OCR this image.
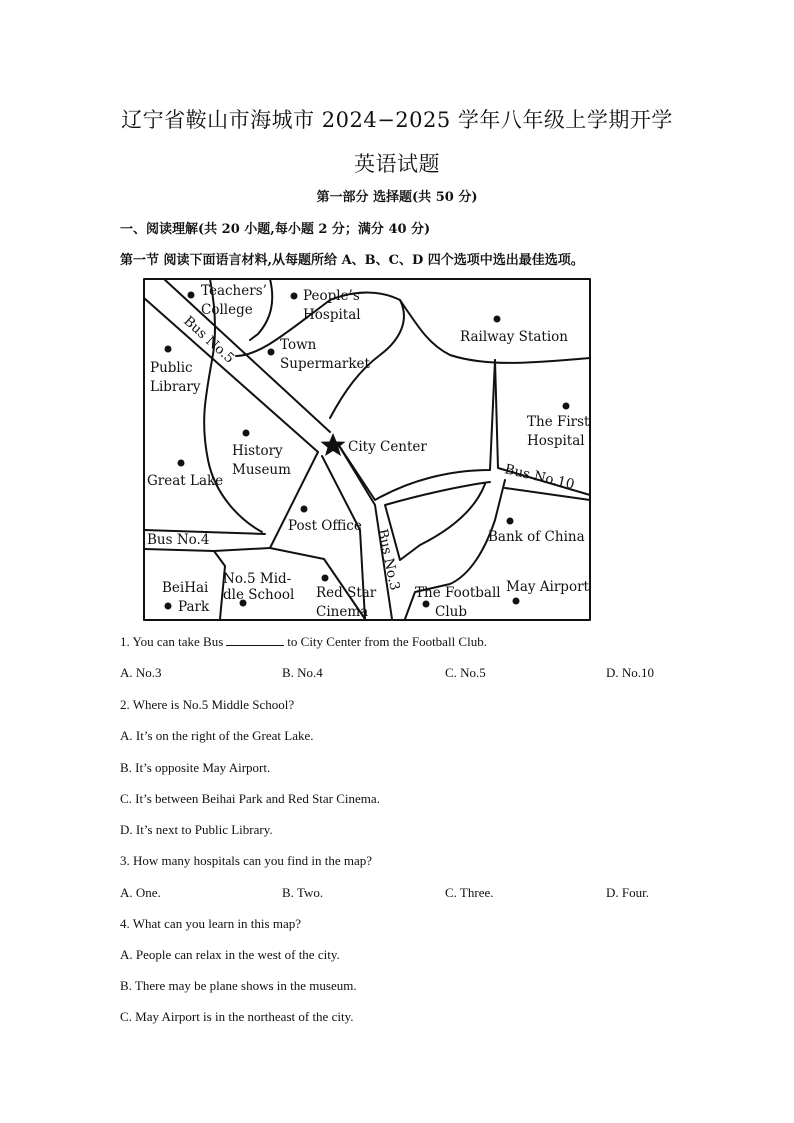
辽宁省鞍山市海城市 2024−2025 学年八年级上学期开学
英语试题
第一部分 选择题(共 50 分)
一、阅读理解(共 20 小题,每小题 2 分；满分 40 分)
第一节 阅读下面语言材料,从每题所给 A、B、C、D 四个选项中选出最佳选项。
Teachers’
College
People’s
Hospital
Railway Station
Bus No.5
Public
Library
Town
Supermarket
City Center
The First
Hospital
History
Museum
Great Lake	Bus No.10
Post Office
Bank of China
Bus No.4	Bus No.3
BeiHai
Park
No.5 Mid-
dle School Red Star
Cinema
The Football
Club
May Airport
1. You can take Bus	to City Center from the Football Club.
A. No.3	B. No.4	C. No.5	D. No.10
2. Where is No.5 Middle School?
A. It’s on the right of the Great Lake.
B. It’s opposite May Airport.
C. It’s between Beihai Park and Red Star Cinema.
D. It’s next to Public Library.
3. How many hospitals can you find in the map?
A. One.	B. Two.	C. Three.	D. Four.
4. What can you learn in this map?
A. People can relax in the west of the city.
B. There may be plane shows in the museum.
C. May Airport is in the northeast of the city.
